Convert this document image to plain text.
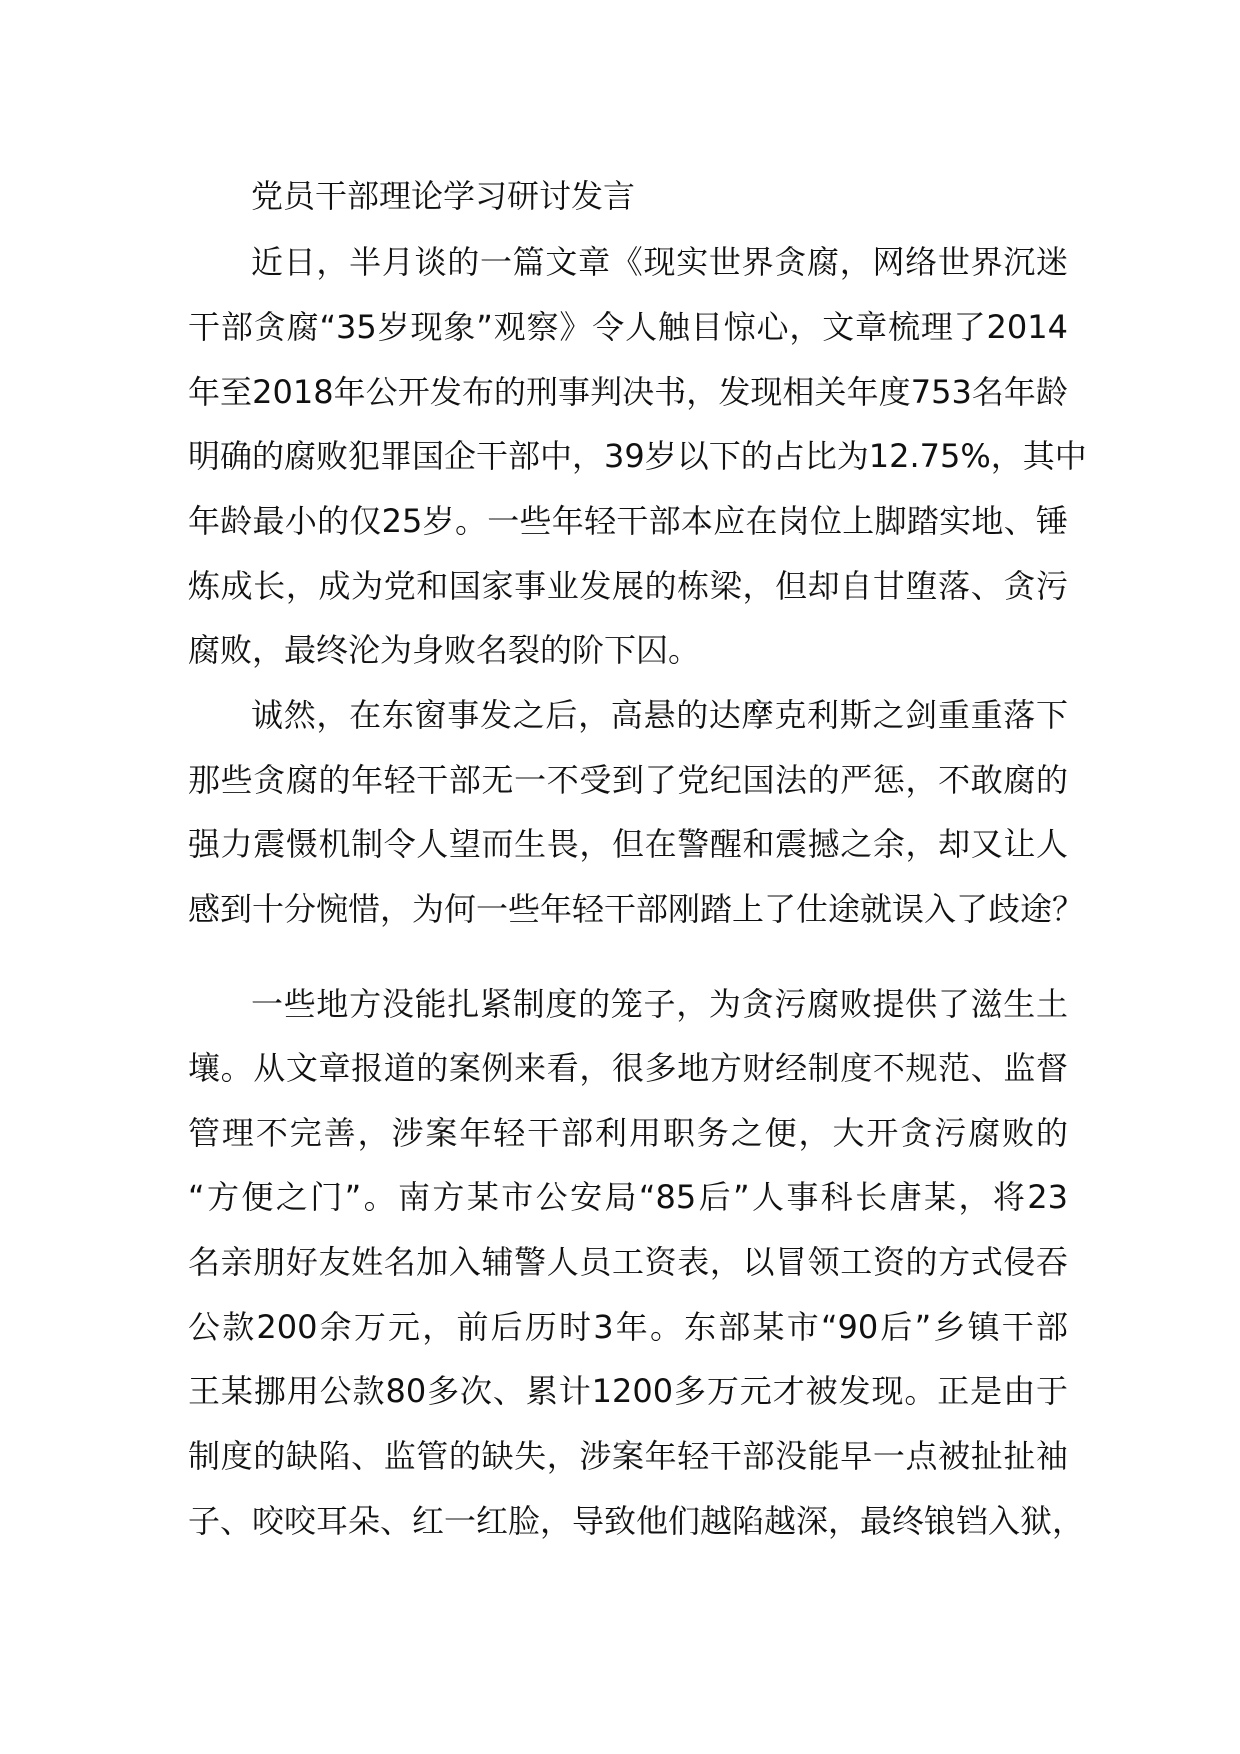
党员干部理论学习研讨发言

近日，半月谈的一篇文章《现实世界贪腐，网络世界沉迷

干部贪腐“35岁现象”观察》令人触目惊心，文章梳理了2014

年至2018年公开发布的刑事判决书，发现相关年度753名年龄

明确的腐败犯罪国企干部中，39岁以下的占比为12.75%，其中

年龄最小的仅25岁。一些年轻干部本应在岗位上脚踏实地、锤

炼成长，成为党和国家事业发展的栋梁，但却自甘堕落、贪污

腐败，最终沦为身败名裂的阶下囚。

诚然，在东窗事发之后，高悬的达摩克利斯之剑重重落下

那些贪腐的年轻干部无一不受到了党纪国法的严惩，不敢腐的

强力震慑机制令人望而生畏，但在警醒和震撼之余，却又让人

感到十分惋惜，为何一些年轻干部刚踏上了仕途就误入了歧途？

一些地方没能扎紧制度的笼子，为贪污腐败提供了滋生土

壤。从文章报道的案例来看，很多地方财经制度不规范、监督

管理不完善，涉案年轻干部利用职务之便，大开贪污腐败的

“方便之门”。南方某市公安局“85后”人事科长唐某，将23

名亲朋好友姓名加入辅警人员工资表，以冒领工资的方式侵吞

公款200余万元，前后历时3年。东部某市“90后”乡镇干部

王某挪用公款80多次、累计1200多万元才被发现。正是由于

制度的缺陷、监管的缺失，涉案年轻干部没能早一点被扯扯袖

子、咬咬耳朵、红一红脸，导致他们越陷越深，最终锒铛入狱，
